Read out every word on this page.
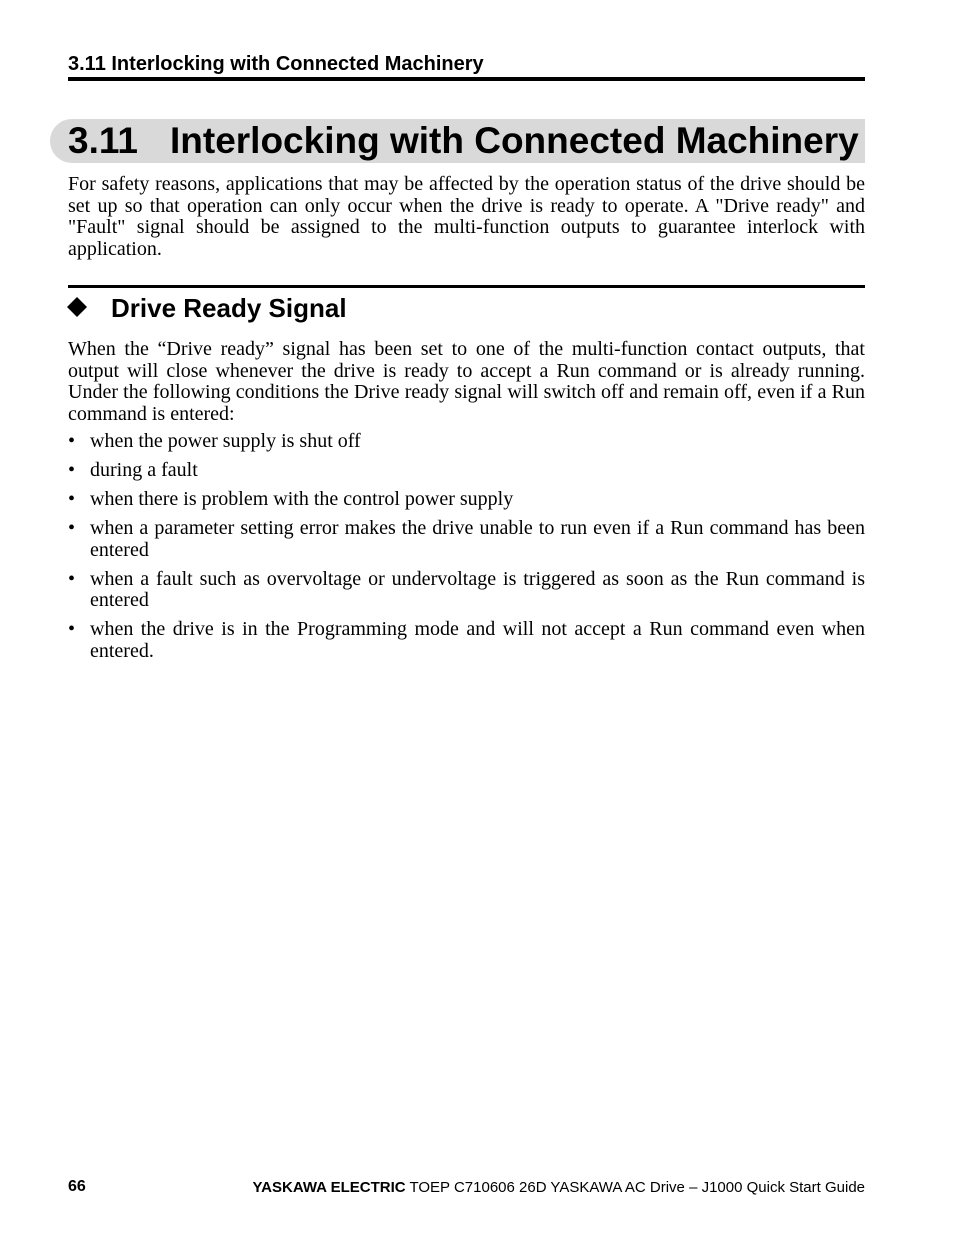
3.11 Interlocking with Connected Machinery
3.11 Interlocking with Connected Machinery
For safety reasons, applications that may be affected by the operation status of the drive should be set up so that operation can only occur when the drive is ready to operate. A "Drive ready" and "Fault" signal should be assigned to the multi-function outputs to guarantee interlock with application.
Drive Ready Signal
When the “Drive ready” signal has been set to one of the multi-function contact outputs, that output will close whenever the drive is ready to accept a Run command or is already running. Under the following conditions the Drive ready signal will switch off and remain off, even if a Run command is entered:
• when the power supply is shut off
• during a fault
• when there is problem with the control power supply
• when a parameter setting error makes the drive unable to run even if a Run command has been entered
• when a fault such as overvoltage or undervoltage is triggered as soon as the Run command is entered
• when the drive is in the Programming mode and will not accept a Run command even when entered.
66	YASKAWA ELECTRIC TOEP C710606 26D YASKAWA AC Drive – J1000 Quick Start Guide
